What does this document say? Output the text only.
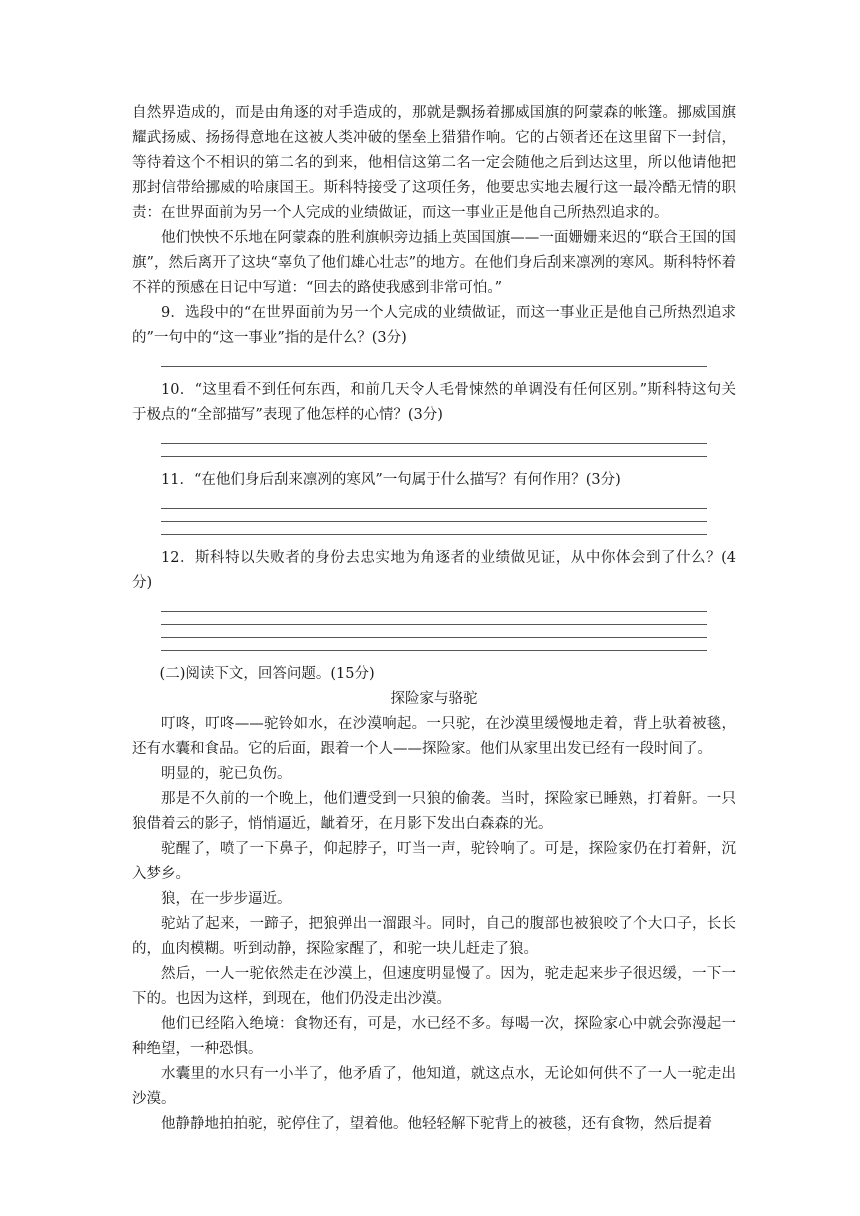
自然界造成的，而是由角逐的对手造成的，那就是飘扬着挪威国旗的阿蒙森的帐篷。挪威国旗耀武扬威、扬扬得意地在这被人类冲破的堡垒上猎猎作响。它的占领者还在这里留下一封信，等待着这个不相识的第二名的到来，他相信这第二名一定会随他之后到达这里，所以他请他把那封信带给挪威的哈康国王。斯科特接受了这项任务，他要忠实地去履行这一最冷酷无情的职责：在世界面前为另一个人完成的业绩做证，而这一事业正是他自己所热烈追求的。

他们怏怏不乐地在阿蒙森的胜利旗帜旁边插上英国国旗——一面姗姗来迟的“联合王国的国旗”，然后离开了这块“辜负了他们雄心壮志”的地方。在他们身后刮来凛冽的寒风。斯科特怀着不祥的预感在日记中写道：“回去的路使我感到非常可怕。”

9．选段中的“在世界面前为另一个人完成的业绩做证，而这一事业正是他自己所热烈追求的”一句中的“这一事业”指的是什么？(3分)

10．“这里看不到任何东西，和前几天令人毛骨悚然的单调没有任何区别。”斯科特这句关于极点的“全部描写”表现了他怎样的心情？(3分)

11．“在他们身后刮来凛冽的寒风”一句属于什么描写？有何作用？(3分)

12．斯科特以失败者的身份去忠实地为角逐者的业绩做见证，从中你体会到了什么？(4分)

(二)阅读下文，回答问题。(15分)

探险家与骆驼

叮咚，叮咚——驼铃如水，在沙漠响起。一只驼，在沙漠里缓慢地走着，背上驮着被毯，还有水囊和食品。它的后面，跟着一个人——探险家。他们从家里出发已经有一段时间了。

明显的，驼已负伤。

那是不久前的一个晚上，他们遭受到一只狼的偷袭。当时，探险家已睡熟，打着鼾。一只狼借着云的影子，悄悄逼近，龇着牙，在月影下发出白森森的光。

驼醒了，喷了一下鼻子，仰起脖子，叮当一声，驼铃响了。可是，探险家仍在打着鼾，沉入梦乡。

狼，在一步步逼近。

驼站了起来，一蹄子，把狼弹出一溜跟斗。同时，自己的腹部也被狼咬了个大口子，长长的，血肉模糊。听到动静，探险家醒了，和驼一块儿赶走了狼。

然后，一人一驼依然走在沙漠上，但速度明显慢了。因为，驼走起来步子很迟缓，一下一下的。也因为这样，到现在，他们仍没走出沙漠。

他们已经陷入绝境：食物还有，可是，水已经不多。每喝一次，探险家心中就会弥漫起一种绝望，一种恐惧。

水囊里的水只有一小半了，他矛盾了，他知道，就这点水，无论如何供不了一人一驼走出沙漠。

他静静地拍拍驼，驼停住了，望着他。他轻轻解下驼背上的被毯，还有食物，然后提着
